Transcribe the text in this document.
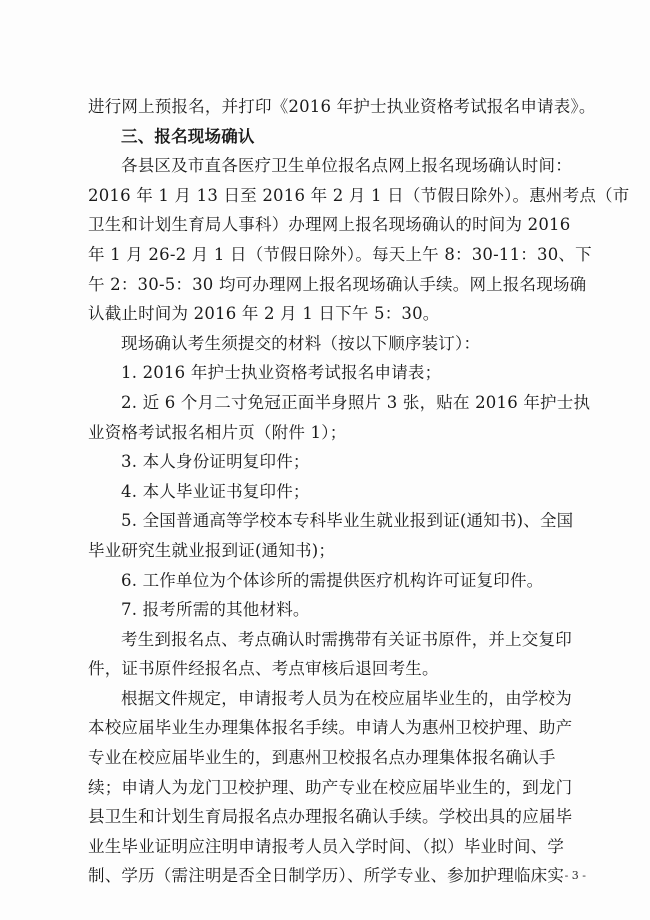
进行网上预报名，并打印《2016 年护士执业资格考试报名申请表》。
三、报名现场确认
各县区及市直各医疗卫生单位报名点网上报名现场确认时间：
2016 年 1 月 13 日至 2016 年 2 月 1 日（节假日除外）。惠州考点（市
卫生和计划生育局人事科）办理网上报名现场确认的时间为 2016
年 1 月 26-2 月 1 日（节假日除外）。每天上午 8：30-11：30、下
午 2：30-5：30 均可办理网上报名现场确认手续。网上报名现场确
认截止时间为 2016 年 2 月 1 日下午 5：30。
现场确认考生须提交的材料（按以下顺序装订）：
1. 2016 年护士执业资格考试报名申请表；
2. 近 6 个月二寸免冠正面半身照片 3 张，贴在 2016 年护士执
业资格考试报名相片页（附件 1）；
3. 本人身份证明复印件；
4. 本人毕业证书复印件；
5. 全国普通高等学校本专科毕业生就业报到证(通知书)、全国
毕业研究生就业报到证(通知书)；
6. 工作单位为个体诊所的需提供医疗机构许可证复印件。
7. 报考所需的其他材料。
考生到报名点、考点确认时需携带有关证书原件，并上交复印
件，证书原件经报名点、考点审核后退回考生。
根据文件规定，申请报考人员为在校应届毕业生的，由学校为
本校应届毕业生办理集体报名手续。申请人为惠州卫校护理、助产
专业在校应届毕业生的，到惠州卫校报名点办理集体报名确认手
续；申请人为龙门卫校护理、助产专业在校应届毕业生的，到龙门
县卫生和计划生育局报名点办理报名确认手续。学校出具的应届毕
业生毕业证明应注明申请报考人员入学时间、（拟）毕业时间、学
制、学历（需注明是否全日制学历）、所学专业、参加护理临床实 - 3 -
